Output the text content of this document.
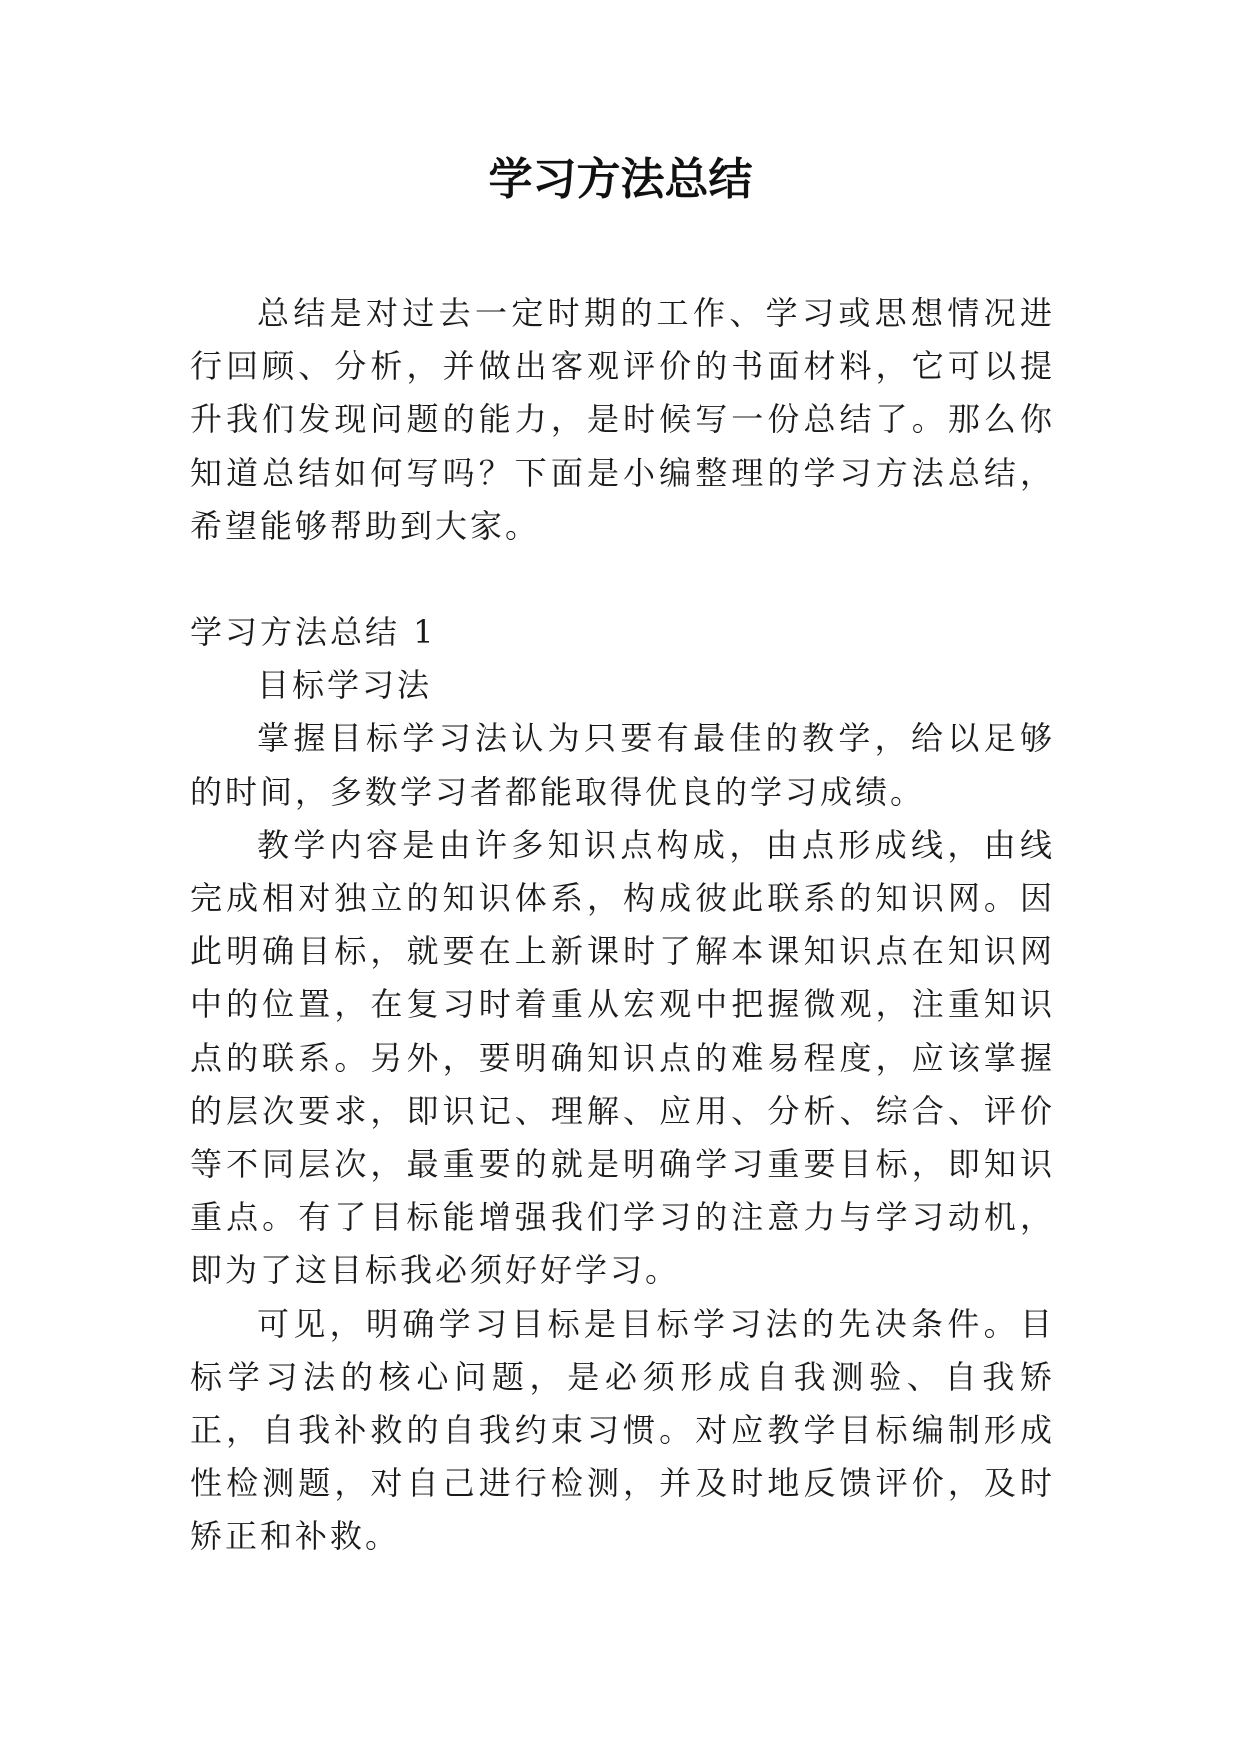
学习方法总结

总结是对过去一定时期的工作、学习或思想情况进行回顾、分析，并做出客观评价的书面材料，它可以提升我们发现问题的能力，是时候写一份总结了。那么你知道总结如何写吗？下面是小编整理的学习方法总结，希望能够帮助到大家。

学习方法总结 1

目标学习法

掌握目标学习法认为只要有最佳的教学，给以足够的时间，多数学习者都能取得优良的学习成绩。

教学内容是由许多知识点构成，由点形成线，由线完成相对独立的知识体系，构成彼此联系的知识网。因此明确目标，就要在上新课时了解本课知识点在知识网中的位置，在复习时着重从宏观中把握微观，注重知识点的联系。另外，要明确知识点的难易程度，应该掌握的层次要求，即识记、理解、应用、分析、综合、评价等不同层次，最重要的就是明确学习重要目标，即知识重点。有了目标能增强我们学习的注意力与学习动机，即为了这目标我必须好好学习。

可见，明确学习目标是目标学习法的先决条件。目标学习法的核心问题，是必须形成自我测验、自我矫正，自我补救的自我约束习惯。对应教学目标编制形成性检测题，对自己进行检测，并及时地反馈评价，及时矫正和补救。
